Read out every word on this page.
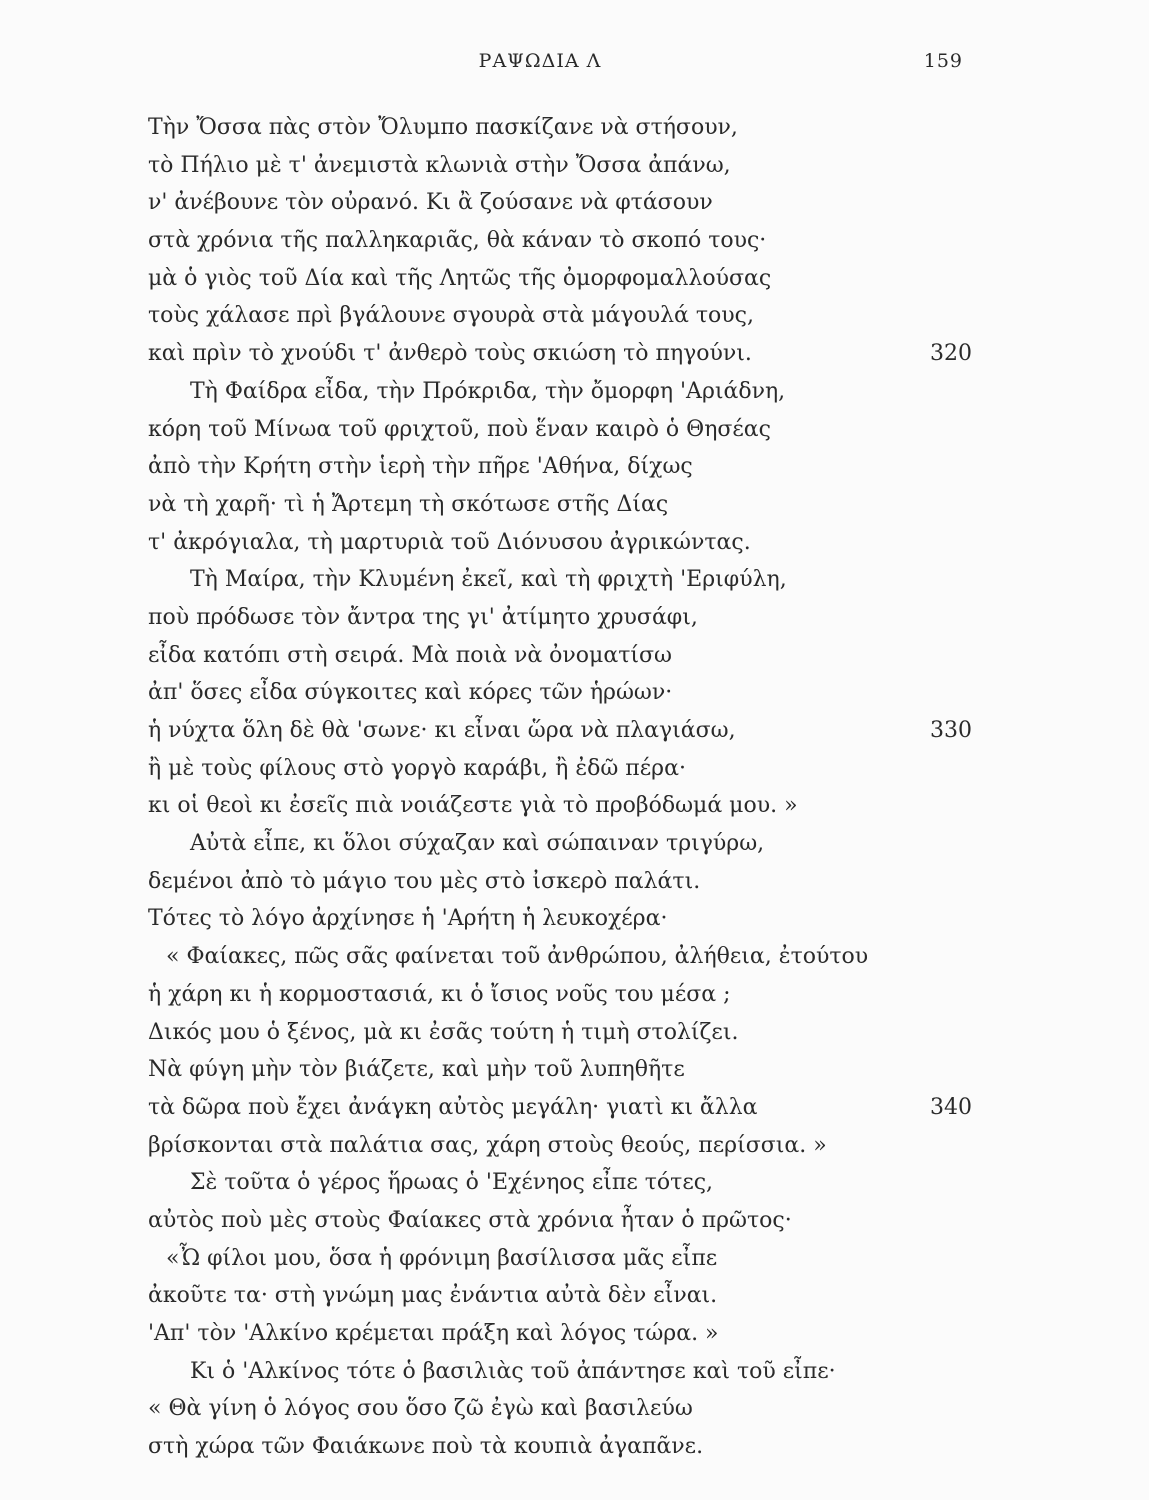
ΡΑΨΩΔΙΑ Λ	159
Τὴν Ὄσσα πὰς στὸν Ὄλυμπο πασκίζανε νὰ στήσουν,
τὸ Πήλιο μὲ τ' ἀνεμιστὰ κλωνιὰ στὴν Ὄσσα ἀπάνω,
ν' ἀνέβουνε τὸν οὐρανό. Κι ἂ ζούσανε νὰ φτάσουν
στὰ χρόνια τῆς παλληκαριᾶς, θὰ κάναν τὸ σκοπό τους·
μὰ ὁ γιὸς τοῦ Δία καὶ τῆς Λητῶς τῆς ὀμορφομαλλούσας
τοὺς χάλασε πρὶ βγάλουνε σγουρὰ στὰ μάγουλά τους,
καὶ πρὶν τὸ χνούδι τ' ἀνθερὸ τοὺς σκιώση τὸ πηγούνι.	320
Τὴ Φαίδρα εἶδα, τὴν Πρόκριδα, τὴν ὄμορφη 'Αριάδνη,
κόρη τοῦ Μίνωα τοῦ φριχτοῦ, ποὺ ἕναν καιρὸ ὁ Θησέας
ἀπὸ τὴν Κρήτη στὴν ἱερὴ τὴν πῆρε 'Αθήνα, δίχως
νὰ τὴ χαρῆ· τὶ ἡ Ἄρτεμη τὴ σκότωσε στῆς Δίας
τ' ἀκρόγιαλα, τὴ μαρτυριὰ τοῦ Διόνυσου ἀγρικώντας.
Τὴ Μαίρα, τὴν Κλυμένη ἐκεῖ, καὶ τὴ φριχτὴ 'Εριφύλη,
ποὺ πρόδωσε τὸν ἄντρα της γι' ἀτίμητο χρυσάφι,
εἶδα κατόπι στὴ σειρά. Μὰ ποιὰ νὰ ὀνοματίσω
ἀπ' ὅσες εἶδα σύγκοιτες καὶ κόρες τῶν ἡρώων·
ἡ νύχτα ὅλη δὲ θὰ 'σωνε· κι εἶναι ὥρα νὰ πλαγιάσω,	330
ἢ μὲ τοὺς φίλους στὸ γοργὸ καράβι, ἢ ἐδῶ πέρα·
κι οἱ θεοὶ κι ἐσεῖς πιὰ νοιάζεστε γιὰ τὸ προβόδωμά μου. »
Αὐτὰ εἶπε, κι ὅλοι σύχαζαν καὶ σώπαιναν τριγύρω,
δεμένοι ἀπὸ τὸ μάγιο του μὲς στὸ ἰσκερὸ παλάτι.
Τότες τὸ λόγο ἀρχίνησε ἡ 'Αρήτη ἡ λευκοχέρα·
« Φαίακες, πῶς σᾶς φαίνεται τοῦ ἀνθρώπου, ἀλήθεια, ἐτούτου
ἡ χάρη κι ἡ κορμοστασιά, κι ὁ ἴσιος νοῦς του μέσα ;
Δικός μου ὁ ξένος, μὰ κι ἐσᾶς τούτη ἡ τιμὴ στολίζει.
Νὰ φύγη μὴν τὸν βιάζετε, καὶ μὴν τοῦ λυπηθῆτε
τὰ δῶρα ποὺ ἔχει ἀνάγκη αὐτὸς μεγάλη· γιατὶ κι ἄλλα	340
βρίσκονται στὰ παλάτια σας, χάρη στοὺς θεούς, περίσσια. »
Σὲ τοῦτα ὁ γέρος ἥρωας ὁ 'Εχένηος εἶπε τότες,
αὐτὸς ποὺ μὲς στοὺς Φαίακες στὰ χρόνια ἦταν ὁ πρῶτος·
«Ὦ φίλοι μου, ὅσα ἡ φρόνιμη βασίλισσα μᾶς εἶπε
ἀκοῦτε τα· στὴ γνώμη μας ἐνάντια αὐτὰ δὲν εἶναι.
'Απ' τὸν 'Αλκίνο κρέμεται πράξη καὶ λόγος τώρα. »
Κι ὁ 'Αλκίνος τότε ὁ βασιλιὰς τοῦ ἀπάντησε καὶ τοῦ εἶπε·
« Θὰ γίνη ὁ λόγος σου ὅσο ζῶ ἐγὼ καὶ βασιλεύω
στὴ χώρα τῶν Φαιάκωνε ποὺ τὰ κουπιὰ ἀγαπᾶνε.
